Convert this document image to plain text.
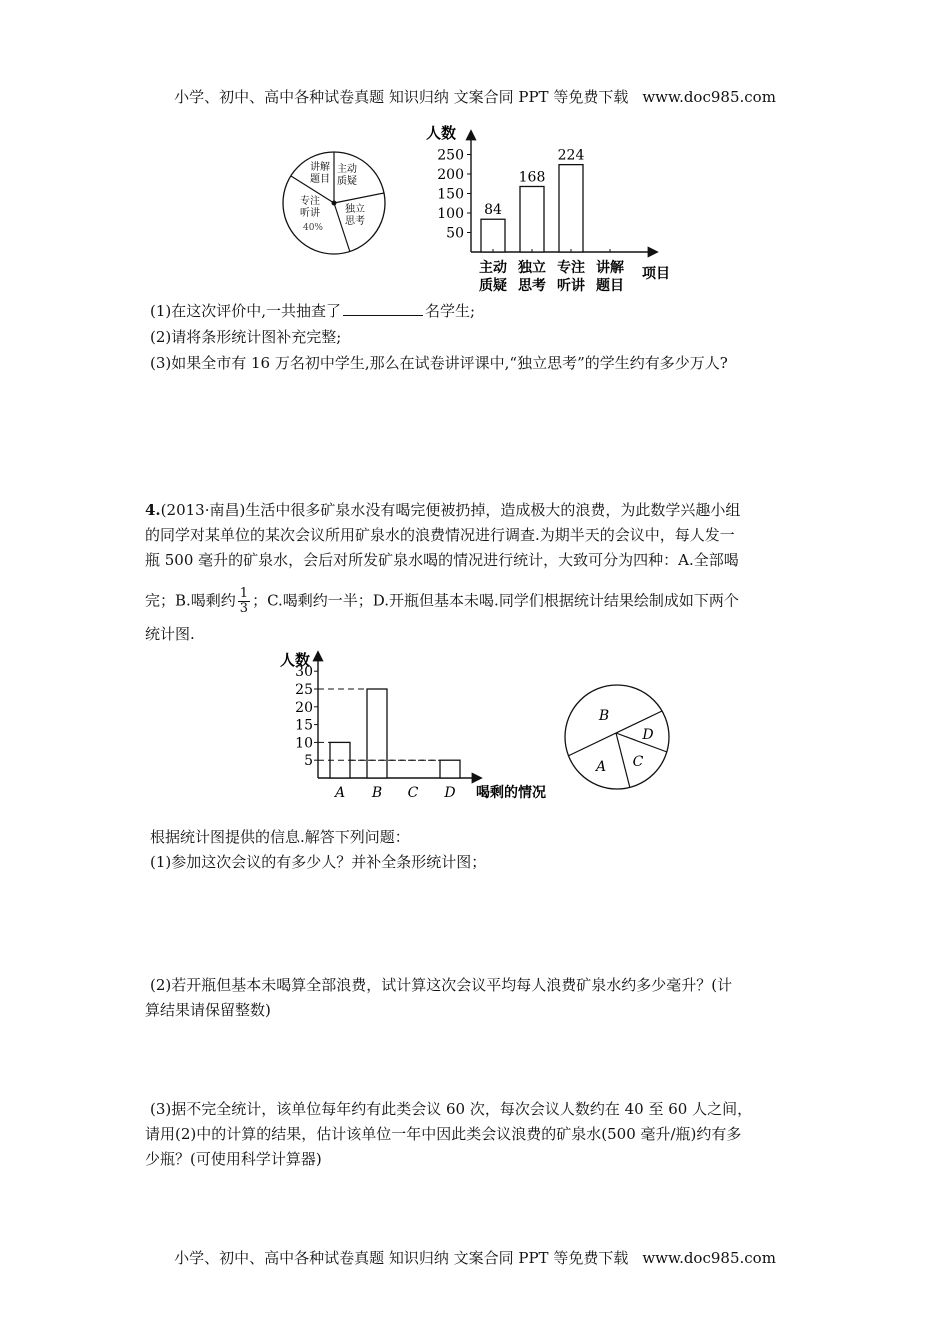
小学、初中、高中各种试卷真题 知识归纳 文案合同 PPT 等免费下载 www.doc985.com
讲解
题目
主动
质疑
独立
思考
专注
听讲
40%
人数
项目
50
100
150
200
250
84
168
224
主动
质疑
独立
思考
专注
听讲
讲解
题目
(1)在这次评价中,一共抽查了	名学生;
(2)请将条形统计图补充完整;
(3)如果全市有 16 万名初中学生,那么在试卷讲评课中,“独立思考”的学生约有多少万人?
4.(2013·南昌)生活中很多矿泉水没有喝完便被扔掉，造成极大的浪费，为此数学兴趣小组
的同学对某单位的某次会议所用矿泉水的浪费情况进行调查.为期半天的会议中，每人发一
瓶 500 毫升的矿泉水，会后对所发矿泉水喝的情况进行统计，大致可分为四种：A.全部喝
完；B.喝剩约 $\frac{1}{3}$ ；C.喝剩约一半；D.开瓶但基本未喝.同学们根据统计结果绘制成如下两个
统计图.
人数
喝剩的情况
5
10
15
20
25
30
A B C D
B
D
A C
根据统计图提供的信息.解答下列问题：
(1)参加这次会议的有多少人？并补全条形统计图；
(2)若开瓶但基本未喝算全部浪费，试计算这次会议平均每人浪费矿泉水约多少毫升？(计
算结果请保留整数)
(3)据不完全统计，该单位每年约有此类会议 60 次，每次会议人数约在 40 至 60 人之间，
请用(2)中的计算的结果，估计该单位一年中因此类会议浪费的矿泉水(500 毫升/瓶)约有多
少瓶？(可使用科学计算器)
小学、初中、高中各种试卷真题 知识归纳 文案合同 PPT 等免费下载 www.doc985.com
